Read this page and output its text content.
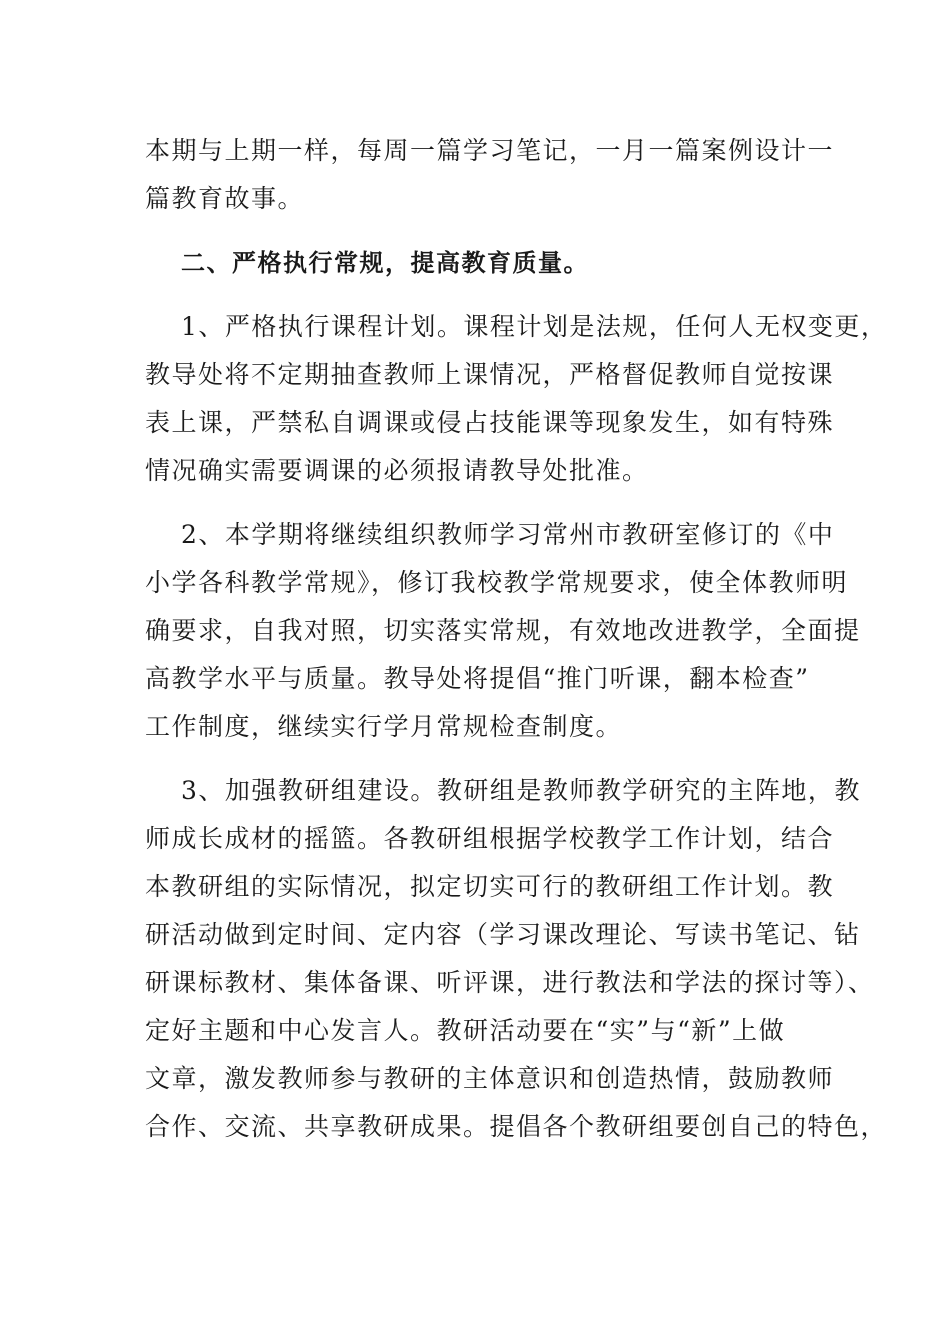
本期与上期一样，每周一篇学习笔记，一月一篇案例设计一
篇教育故事。
二、严格执行常规，提高教育质量。
1、严格执行课程计划。课程计划是法规，任何人无权变更，
教导处将不定期抽查教师上课情况，严格督促教师自觉按课
表上课，严禁私自调课或侵占技能课等现象发生，如有特殊
情况确实需要调课的必须报请教导处批准。
2、本学期将继续组织教师学习常州市教研室修订的《中
小学各科教学常规》，修订我校教学常规要求，使全体教师明
确要求，自我对照，切实落实常规，有效地改进教学，全面提
高教学水平与质量。教导处将提倡“推门听课，翻本检查”
工作制度，继续实行学月常规检查制度。
3、加强教研组建设。教研组是教师教学研究的主阵地，教
师成长成材的摇篮。各教研组根据学校教学工作计划，结合
本教研组的实际情况，拟定切实可行的教研组工作计划。教
研活动做到定时间、定内容（学习课改理论、写读书笔记、钻
研课标教材、集体备课、听评课，进行教法和学法的探讨等）、
定好主题和中心发言人。教研活动要在“实”与“新”上做
文章，激发教师参与教研的主体意识和创造热情，鼓励教师
合作、交流、共享教研成果。提倡各个教研组要创自己的特色，
